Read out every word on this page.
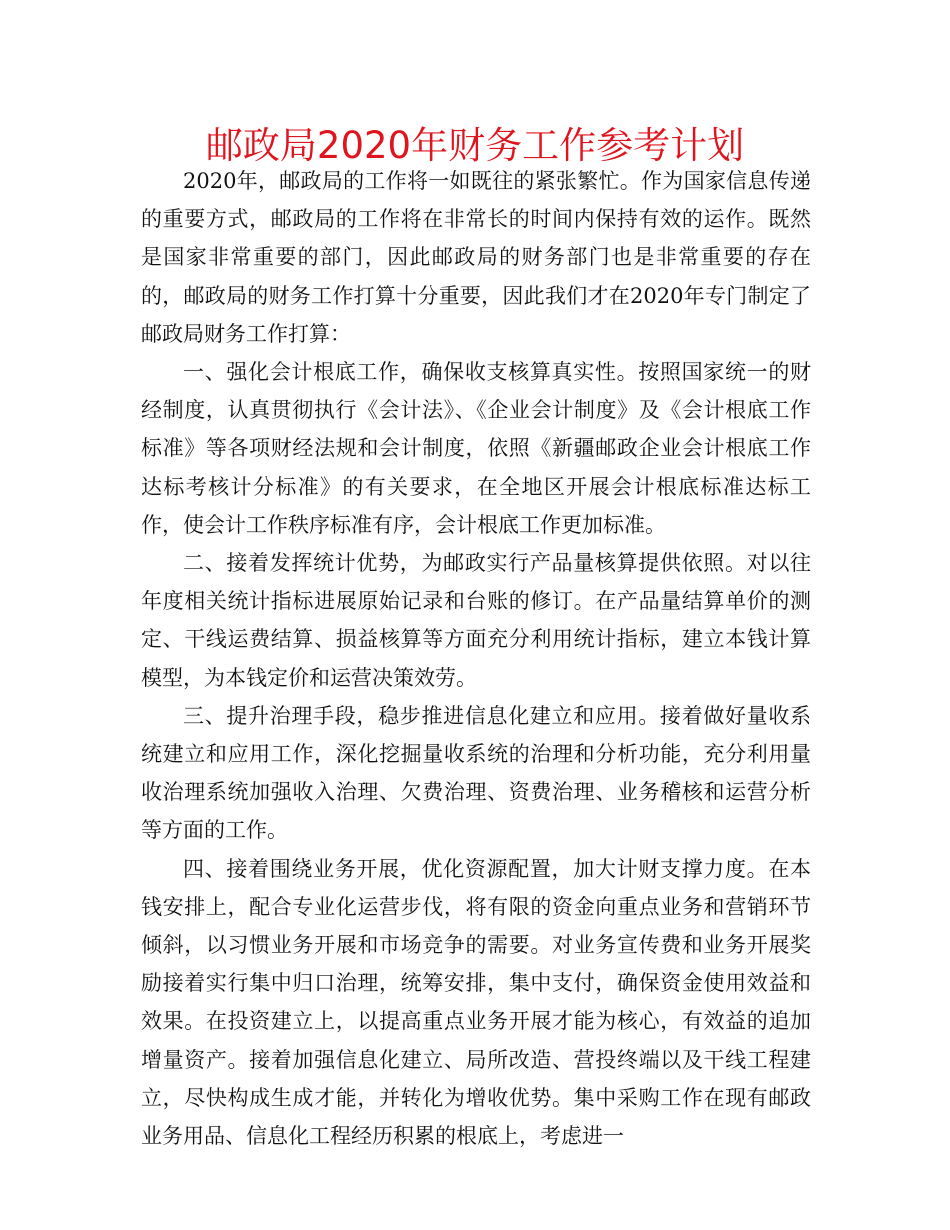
邮政局2020年财务工作参考计划

2020年，邮政局的工作将一如既往的紧张繁忙。作为国家信息传递的重要方式，邮政局的工作将在非常长的时间内保持有效的运作。既然是国家非常重要的部门，因此邮政局的财务部门也是非常重要的存在的，邮政局的财务工作打算十分重要，因此我们才在2020年专门制定了邮政局财务工作打算：

一、强化会计根底工作，确保收支核算真实性。按照国家统一的财经制度，认真贯彻执行《会计法》、《企业会计制度》及《会计根底工作标准》等各项财经法规和会计制度，依照《新疆邮政企业会计根底工作达标考核计分标准》的有关要求，在全地区开展会计根底标准达标工作，使会计工作秩序标准有序，会计根底工作更加标准。

二、接着发挥统计优势，为邮政实行产品量核算提供依照。对以往年度相关统计指标进展原始记录和台账的修订。在产品量结算单价的测定、干线运费结算、损益核算等方面充分利用统计指标，建立本钱计算模型，为本钱定价和运营决策效劳。

三、提升治理手段，稳步推进信息化建立和应用。接着做好量收系统建立和应用工作，深化挖掘量收系统的治理和分析功能，充分利用量收治理系统加强收入治理、欠费治理、资费治理、业务稽核和运营分析等方面的工作。

四、接着围绕业务开展，优化资源配置，加大计财支撑力度。在本钱安排上，配合专业化运营步伐，将有限的资金向重点业务和营销环节倾斜，以习惯业务开展和市场竞争的需要。对业务宣传费和业务开展奖励接着实行集中归口治理，统筹安排，集中支付，确保资金使用效益和效果。在投资建立上，以提高重点业务开展才能为核心，有效益的追加增量资产。接着加强信息化建立、局所改造、营投终端以及干线工程建立，尽快构成生成才能，并转化为增收优势。集中采购工作在现有邮政业务用品、信息化工程经历积累的根底上，考虑进一
